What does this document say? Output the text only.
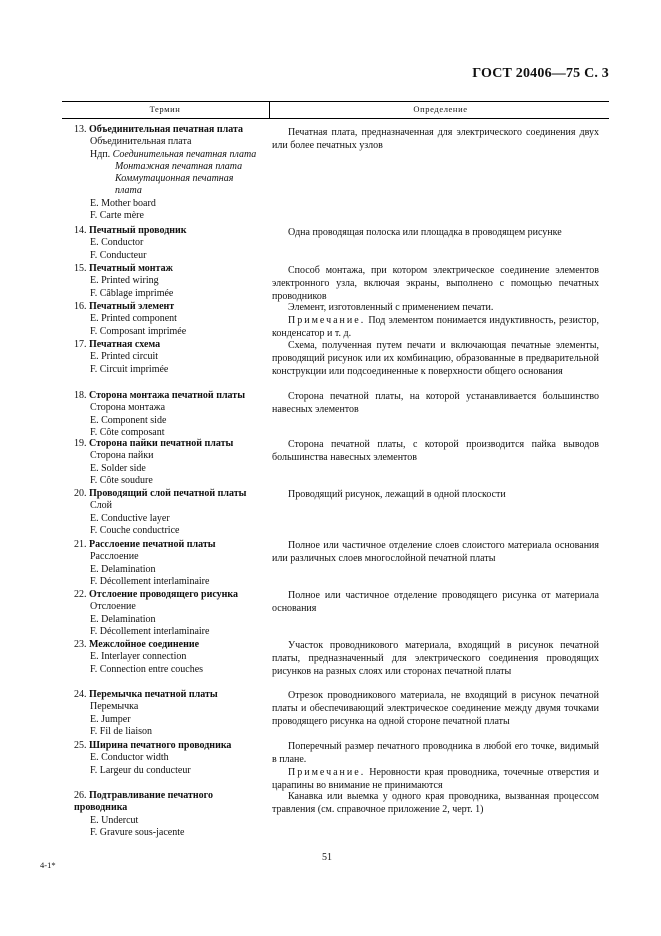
ГОСТ 20406—75 С. 3
Термин	Определение
13. Объединительная печатная плата
Объединительная плата
Ндп. Соединительная печатная плата
Монтажная печатная плата
Коммутационная печатная
плата
E. Mother board
F. Carte mère
Печатная плата, предназначенная для электрического соединения двух или более печатных узлов
14. Печатный проводник
E. Conductor
F. Conducteur
Одна проводящая полоска или площадка в проводящем рисунке
15. Печатный монтаж
E. Printed wiring
F. Câblage imprimée
Способ монтажа, при котором электрическое соединение элементов электронного узла, включая экраны, выполнено с помощью печатных проводников
16. Печатный элемент
E. Printed component
F. Composant imprimée
Элемент, изготовленный с применением печати.
Примечание. Под элементом понимается индуктивность, резистор, конденсатор и т. д.
17. Печатная схема
E. Printed circuit
F. Circuit imprimée
Схема, полученная путем печати и включающая печатные элементы, проводящий рисунок или их комбинацию, образованные в предварительной конструкции или подсоединенные к поверхности общего основания
18. Сторона монтажа печатной платы
Сторона монтажа
E. Component side
F. Côte composant
Сторона печатной платы, на которой устанавливается большинство навесных элементов
19. Сторона пайки печатной платы
Сторона пайки
E. Solder side
F. Côte soudure
Сторона печатной платы, с которой производится пайка выводов большинства навесных элементов
20. Проводящий слой печатной платы
Слой
E. Conductive layer
F. Couche conductrice
Проводящий рисунок, лежащий в одной плоскости
21. Расслоение печатной платы
Расслоение
E. Delamination
F. Décollement interlaminaire
Полное или частичное отделение слоев слоистого материала основания или различных слоев многослойной печатной платы
22. Отслоение проводящего рисунка
Отслоение
E. Delamination
F. Décollement interlaminaire
Полное или частичное отделение проводящего рисунка от материала основания
23. Межслойное соединение
E. Interlayer connection
F. Connection entre couches
Участок проводникового материала, входящий в рисунок печатной платы, предназначенный для электрического соединения проводящих рисунков на разных слоях или сторонах печатной платы
24. Перемычка печатной платы
Перемычка
E. Jumper
F. Fil de liaison
Отрезок проводникового материала, не входящий в рисунок печатной платы и обеспечивающий электрическое соединение между двумя точками проводящего рисунка на одной стороне печатной платы
25. Ширина печатного проводника
E. Conductor width
F. Largeur du conducteur
Поперечный размер печатного проводника в любой его точке, видимый в плане.
Примечание. Неровности края проводника, точечные отверстия и царапины во внимание не принимаются
26. Подтравливание печатного проводника
E. Undercut
F. Gravure sous-jacente
Канавка или выемка у одного края проводника, вызванная процессом травления (см. справочное приложение 2, черт. 1)
4-1*
51
